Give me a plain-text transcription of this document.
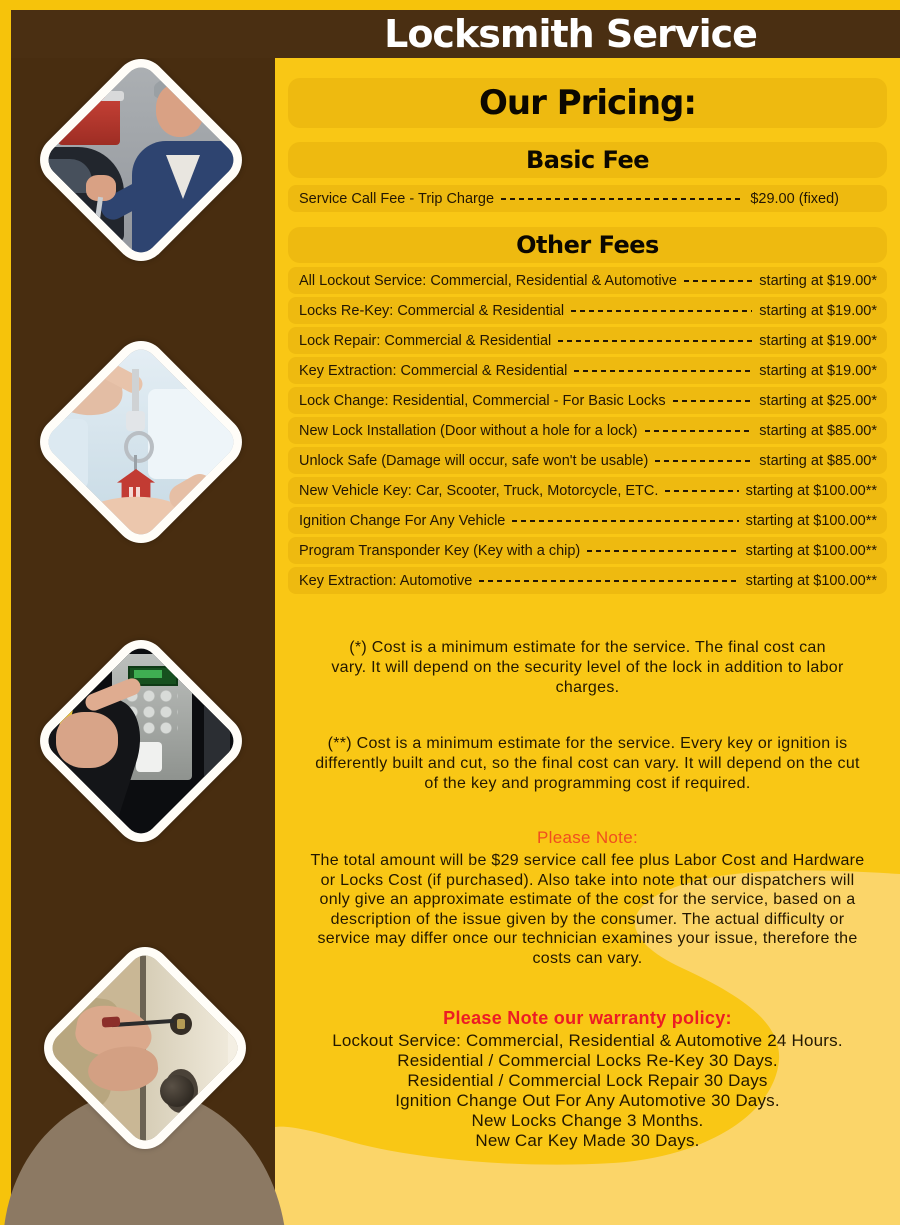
Locksmith Service
Our Pricing:
Basic Fee
Service Call Fee - Trip Charge	$29.00 (fixed)
Other Fees
All Lockout Service: Commercial, Residential & Automotive	starting at $19.00*
Locks Re-Key: Commercial & Residential	starting at $19.00*
Lock Repair: Commercial & Residential	starting at $19.00*
Key Extraction: Commercial & Residential	starting at $19.00*
Lock Change: Residential, Commercial - For Basic Locks	starting at $25.00*
New Lock Installation (Door without a hole for a lock)	starting at $85.00*
Unlock Safe (Damage will occur, safe won't be usable)	starting at $85.00*
New Vehicle Key: Car, Scooter, Truck, Motorcycle, ETC.	starting at $100.00**
Ignition Change For Any Vehicle	starting at $100.00**
Program Transponder Key (Key with a chip)	starting at $100.00**
Key Extraction: Automotive	starting at $100.00**

(*) Cost is a minimum estimate for the service. The final cost can vary. It will depend on the security level of the lock in addition to labor charges.

(**) Cost is a minimum estimate for the service. Every key or ignition is differently built and cut, so the final cost can vary. It will depend on the cut of the key and programming cost if required.

Please Note:

The total amount will be $29 service call fee plus Labor Cost and Hardware or Locks Cost (if purchased). Also take into note that our dispatchers will only give an approximate estimate of the cost for the service, based on a description of the issue given by the consumer. The actual difficulty or service may differ once our technician examines your issue, therefore the costs can vary.

Please Note our warranty policy:

Lockout Service: Commercial, Residential & Automotive 24 Hours.

Residential / Commercial Locks Re-Key 30 Days.

Residential / Commercial Lock Repair 30 Days

Ignition Change Out For Any Automotive 30 Days.

New Locks Change 3 Months.

New Car Key Made 30 Days.
